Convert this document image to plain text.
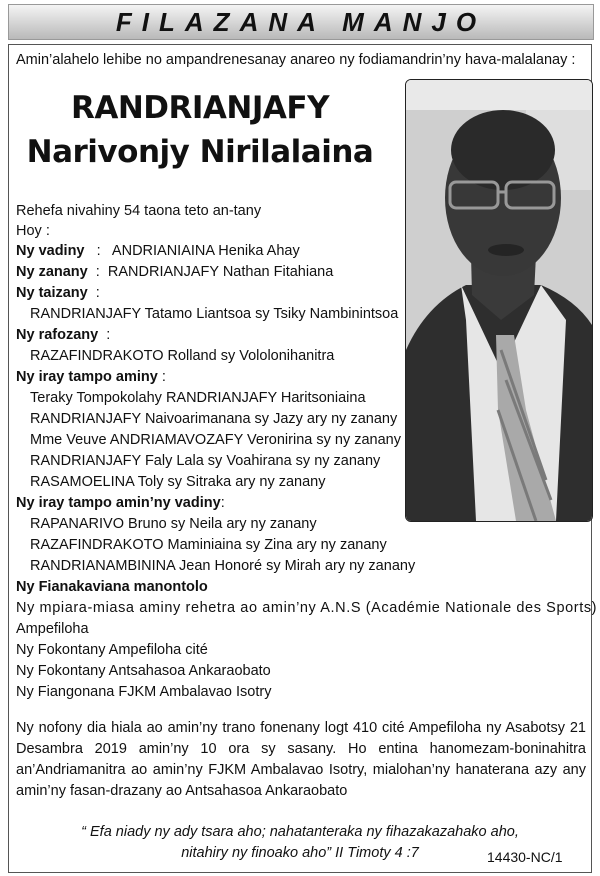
FILAZANA MANJO
Amin’alahelo lehibe no ampandrenesanay anareo ny fodiamandrin’ny hava-malalanay :
RANDRIANJAFY
Narivonjy Nirilalaina
Rehefa nivahiny 54 taona teto an-tany
Hoy :
Ny vadiny : ANDRIANIAINA Henika Ahay
Ny zanany : RANDRIANJAFY Nathan Fitahiana
Ny taizany :
RANDRIANJAFY Tatamo Liantsoa sy Tsiky Nambinintsoa
Ny rafozany :
RAZAFINDRAKOTO Rolland sy Vololonihanitra
Ny iray tampo aminy :
Teraky Tompokolahy RANDRIANJAFY Haritsoniaina
RANDRIANJAFY Naivoarimanana sy Jazy ary ny zanany
Mme Veuve ANDRIAMAVOZAFY Veronirina sy ny zanany
RANDRIANJAFY Faly Lala sy Voahirana sy ny zanany
RASAMOELINA Toly sy Sitraka ary ny zanany
Ny iray tampo amin’ny vadiny:
RAPANARIVO Bruno sy Neila ary ny zanany
RAZAFINDRAKOTO Maminiaina sy Zina ary ny zanany
RANDRIANAMBININA Jean Honoré sy Mirah ary ny zanany
Ny Fianakaviana manontolo
Ny mpiara-miasa aminy rehetra ao amin’ny A.N.S (Académie Nationale des Sports)
Ampefiloha
Ny Fokontany Ampefiloha cité
Ny Fokontany Antsahasoa Ankaraobato
Ny Fiangonana FJKM Ambalavao Isotry
Ny nofony dia hiala ao amin’ny trano fonenany logt 410 cité Ampefiloha ny Asabotsy 21 Desambra 2019 amin’ny 10 ora sy sasany. Ho entina hanomezam-boninahitra an’Andriamanitra ao amin’ny FJKM Ambalavao Isotry, mialohan’ny hanaterana azy any amin’ny fasan-drazany ao Antsahasoa Ankaraobato
“ Efa niady ny ady tsara aho; nahatanteraka ny fihazakazahako aho,
nitahiry ny finoako aho” II Timoty 4 :7	14430-NC/1
